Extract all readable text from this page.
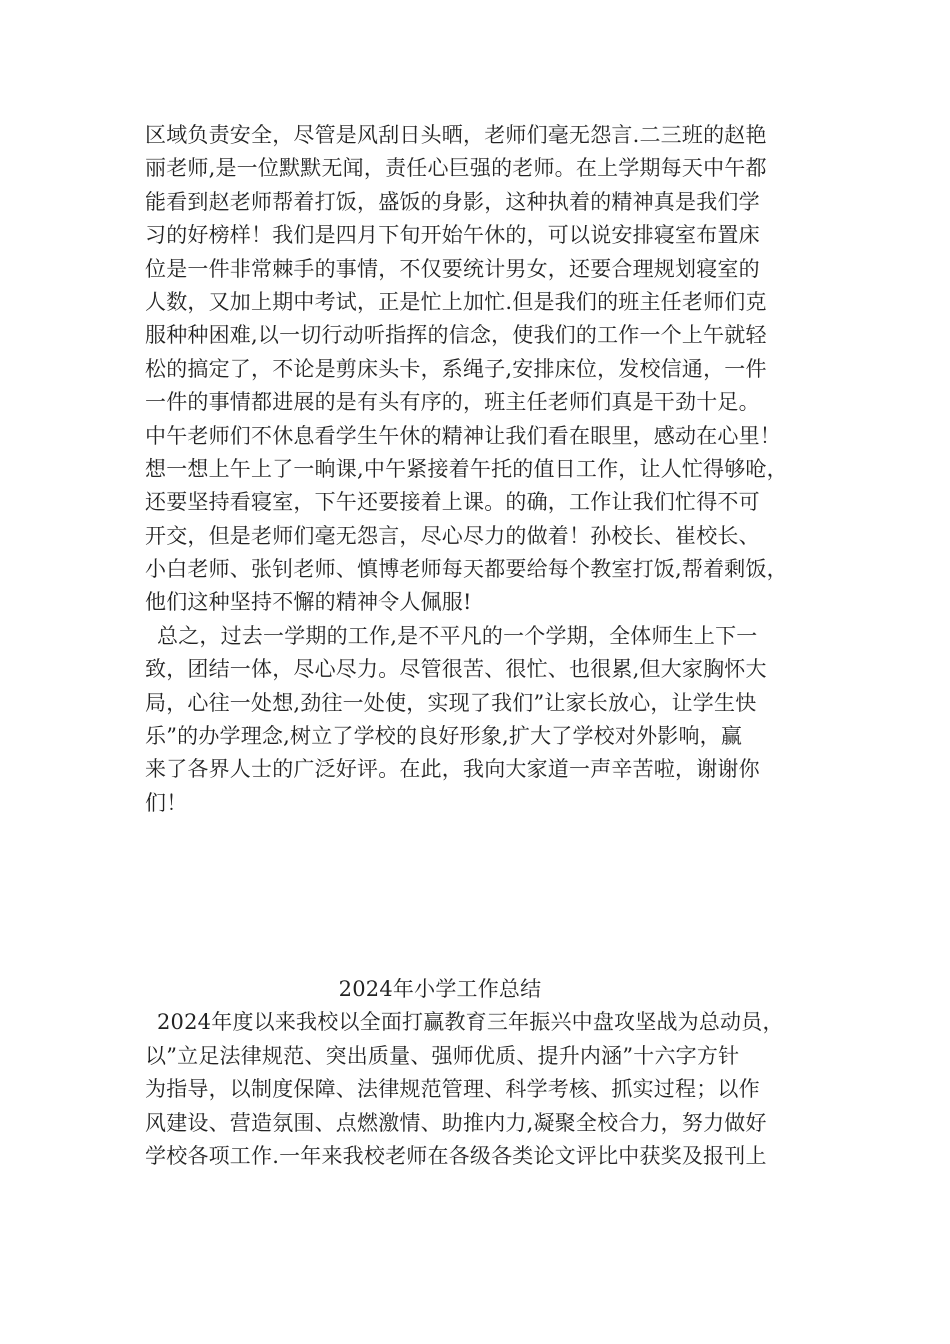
区域负责安全，尽管是风刮日头晒，老师们毫无怨言.二三班的赵艳
丽老师,是一位默默无闻，责任心巨强的老师。在上学期每天中午都
能看到赵老师帮着打饭，盛饭的身影，这种执着的精神真是我们学
习的好榜样！我们是四月下旬开始午休的，可以说安排寝室布置床
位是一件非常棘手的事情，不仅要统计男女，还要合理规划寝室的
人数，又加上期中考试，正是忙上加忙.但是我们的班主任老师们克
服种种困难,以一切行动听指挥的信念，使我们的工作一个上午就轻
松的搞定了，不论是剪床头卡，系绳子,安排床位，发校信通，一件
一件的事情都进展的是有头有序的，班主任老师们真是干劲十足。
中午老师们不休息看学生午休的精神让我们看在眼里，感动在心里！
想一想上午上了一晌课,中午紧接着午托的值日工作，让人忙得够呛，
还要坚持看寝室，下午还要接着上课。的确，工作让我们忙得不可
开交，但是老师们毫无怨言，尽心尽力的做着！孙校长、崔校长、
小白老师、张钊老师、慎博老师每天都要给每个教室打饭,帮着剩饭，
他们这种坚持不懈的精神令人佩服!
总之，过去一学期的工作,是不平凡的一个学期，全体师生上下一
致，团结一体，尽心尽力。尽管很苦、很忙、也很累,但大家胸怀大
局，心往一处想,劲往一处使，实现了我们”让家长放心，让学生快
乐”的办学理念,树立了学校的良好形象,扩大了学校对外影响，赢
来了各界人士的广泛好评。在此，我向大家道一声辛苦啦，谢谢你
们！
2024年小学工作总结
2024年度以来我校以全面打赢教育三年振兴中盘攻坚战为总动员，
以”立足法律规范、突出质量、强师优质、提升内涵”十六字方针
为指导，以制度保障、法律规范管理、科学考核、抓实过程；以作
风建设、营造氛围、点燃激情、助推内力,凝聚全校合力，努力做好
学校各项工作.一年来我校老师在各级各类论文评比中获奖及报刊上
